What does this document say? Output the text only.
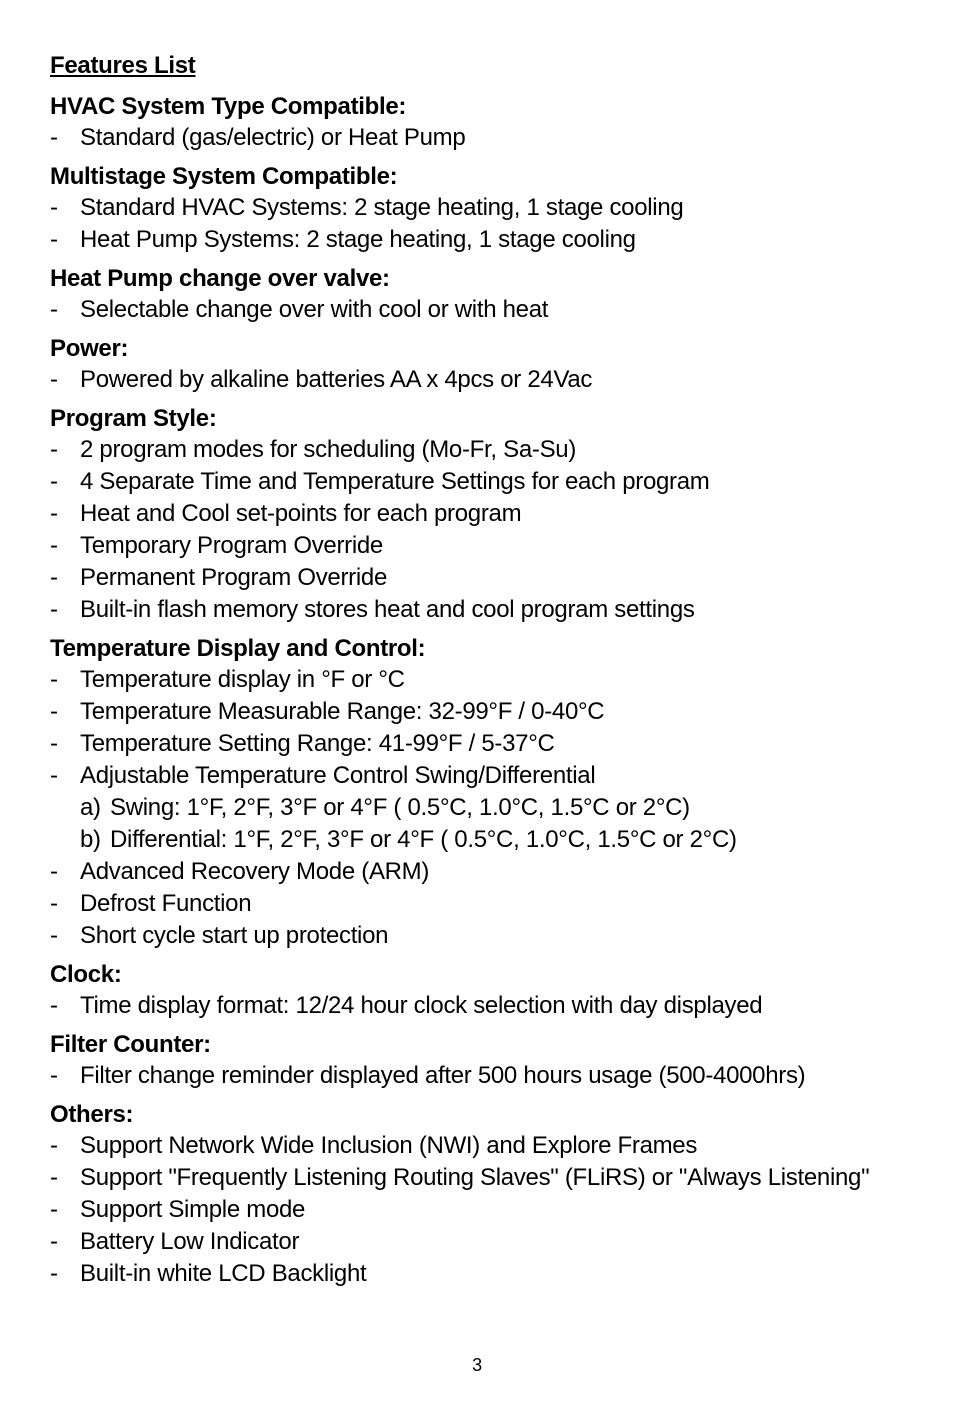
Features List
HVAC System Type Compatible:
- Standard (gas/electric) or Heat Pump
Multistage System Compatible:
- Standard HVAC Systems: 2 stage heating, 1 stage cooling
- Heat Pump Systems: 2 stage heating, 1 stage cooling
Heat Pump change over valve:
- Selectable change over with cool or with heat
Power:
- Powered by alkaline batteries AA x 4pcs or 24Vac
Program Style:
- 2 program modes for scheduling (Mo-Fr, Sa-Su)
- 4 Separate Time and Temperature Settings for each program
- Heat and Cool set-points for each program
- Temporary Program Override
- Permanent Program Override
- Built-in flash memory stores heat and cool program settings
Temperature Display and Control:
- Temperature display in °F or °C
- Temperature Measurable Range: 32-99°F / 0-40°C
- Temperature Setting Range: 41-99°F / 5-37°C
- Adjustable Temperature Control Swing/Differential
a) Swing: 1°F, 2°F, 3°F or 4°F ( 0.5°C, 1.0°C, 1.5°C or 2°C)
b) Differential: 1°F, 2°F, 3°F or 4°F ( 0.5°C, 1.0°C, 1.5°C or 2°C)
- Advanced Recovery Mode (ARM)
- Defrost Function
- Short cycle start up protection
Clock:
- Time display format: 12/24 hour clock selection with day displayed
Filter Counter:
- Filter change reminder displayed after 500 hours usage (500-4000hrs)
Others:
- Support Network Wide Inclusion (NWI) and Explore Frames
- Support "Frequently Listening Routing Slaves" (FLiRS) or "Always Listening"
- Support Simple mode
- Battery Low Indicator
- Built-in white LCD Backlight
3
